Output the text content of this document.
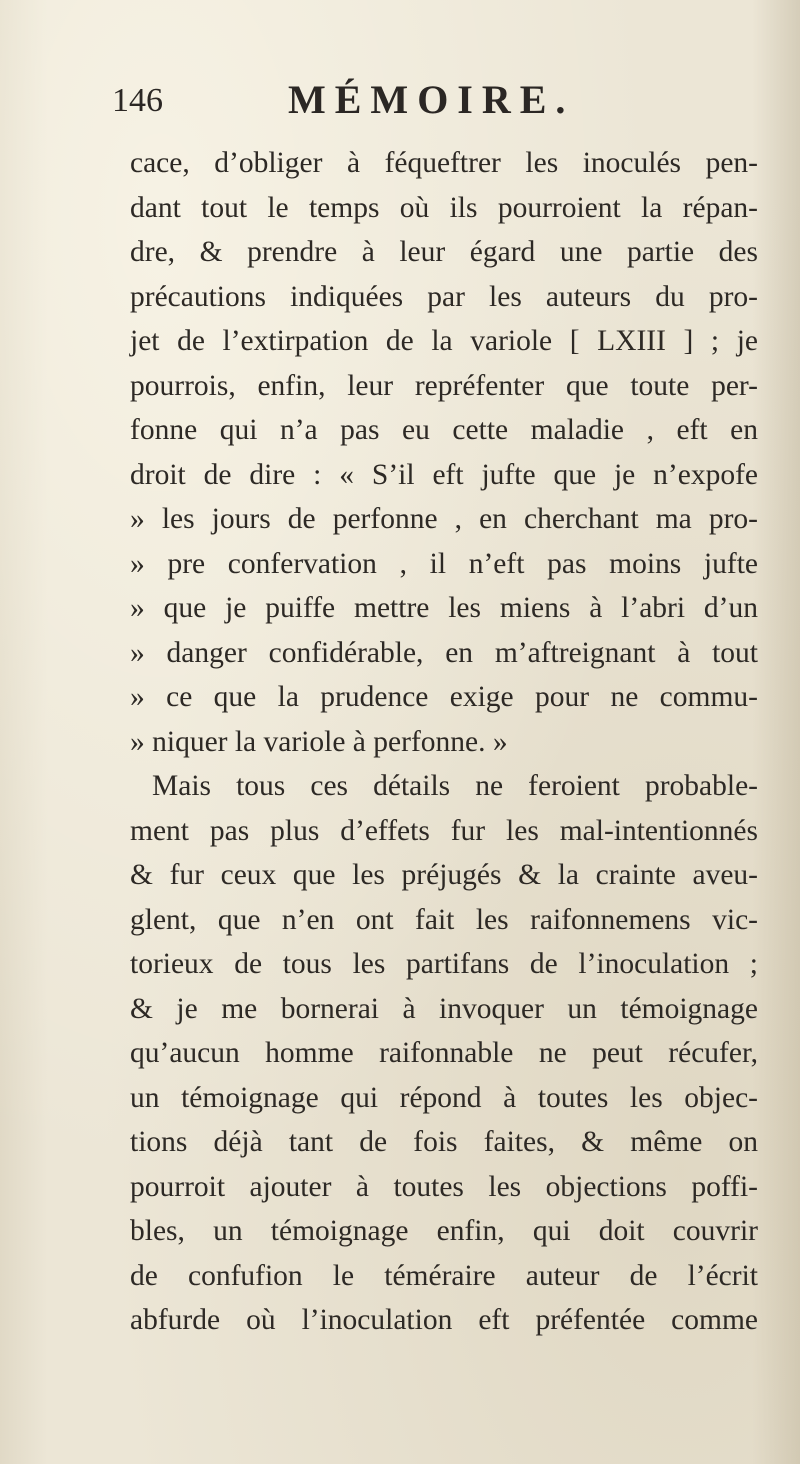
146	MÉMOIRE.
cace, d’obliger à féqueftrer les inoculés pen-
dant tout le temps où ils pourroient la répan-
dre, & prendre à leur égard une partie des
précautions indiquées par les auteurs du pro-
jet de l’extirpation de la variole [ LXIII ] ; je
pourrois, enfin, leur repréfenter que toute per-
fonne qui n’a pas eu cette maladie , eft en
droit de dire : « S’il eft jufte que je n’expofe
» les jours de perfonne , en cherchant ma pro-
» pre confervation , il n’eft pas moins jufte
» que je puiffe mettre les miens à l’abri d’un
» danger confidérable, en m’aftreignant à tout
» ce que la prudence exige pour ne commu-
» niquer la variole à perfonne. »
Mais tous ces détails ne feroient probable-
ment pas plus d’effets fur les mal-intentionnés
& fur ceux que les préjugés & la crainte aveu-
glent, que n’en ont fait les raifonnemens vic-
torieux de tous les partifans de l’inoculation ;
& je me bornerai à invoquer un témoignage
qu’aucun homme raifonnable ne peut récufer,
un témoignage qui répond à toutes les objec-
tions déjà tant de fois faites, & même on
pourroit ajouter à toutes les objections poffi-
bles, un témoignage enfin, qui doit couvrir
de confufion le téméraire auteur de l’écrit
abfurde où l’inoculation eft préfentée comme
